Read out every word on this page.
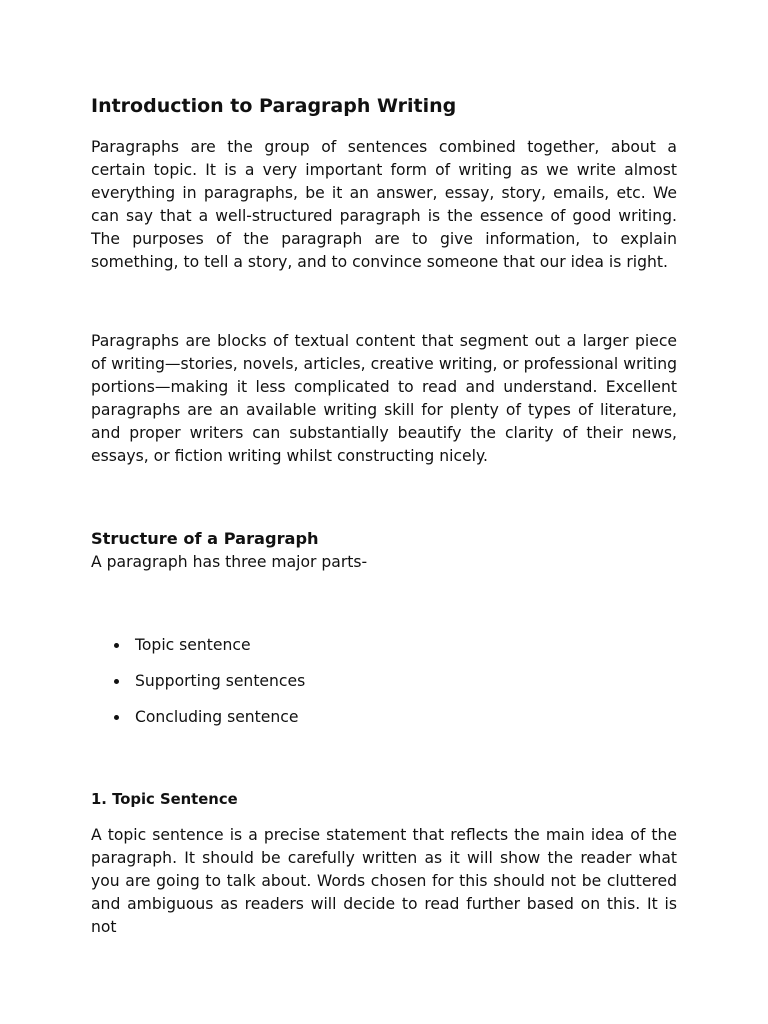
Introduction to Paragraph Writing

Paragraphs are the group of sentences combined together, about a certain topic. It is a very important form of writing as we write almost everything in paragraphs, be it an answer, essay, story, emails, etc. We can say that a well-structured paragraph is the essence of good writing. The purposes of the paragraph are to give information, to explain something, to tell a story, and to convince someone that our idea is right.

Paragraphs are blocks of textual content that segment out a larger piece of writing—stories, novels, articles, creative writing, or professional writing portions—making it less complicated to read and understand. Excellent paragraphs are an available writing skill for plenty of types of literature, and proper writers can substantially beautify the clarity of their news, essays, or fiction writing whilst constructing nicely.

Structure of a Paragraph

A paragraph has three major parts-

Topic sentence
Supporting sentences
Concluding sentence
1. Topic Sentence

A topic sentence is a precise statement that reflects the main idea of the paragraph. It should be carefully written as it will show the reader what you are going to talk about. Words chosen for this should not be cluttered and ambiguous as readers will decide to read further based on this. It is not
